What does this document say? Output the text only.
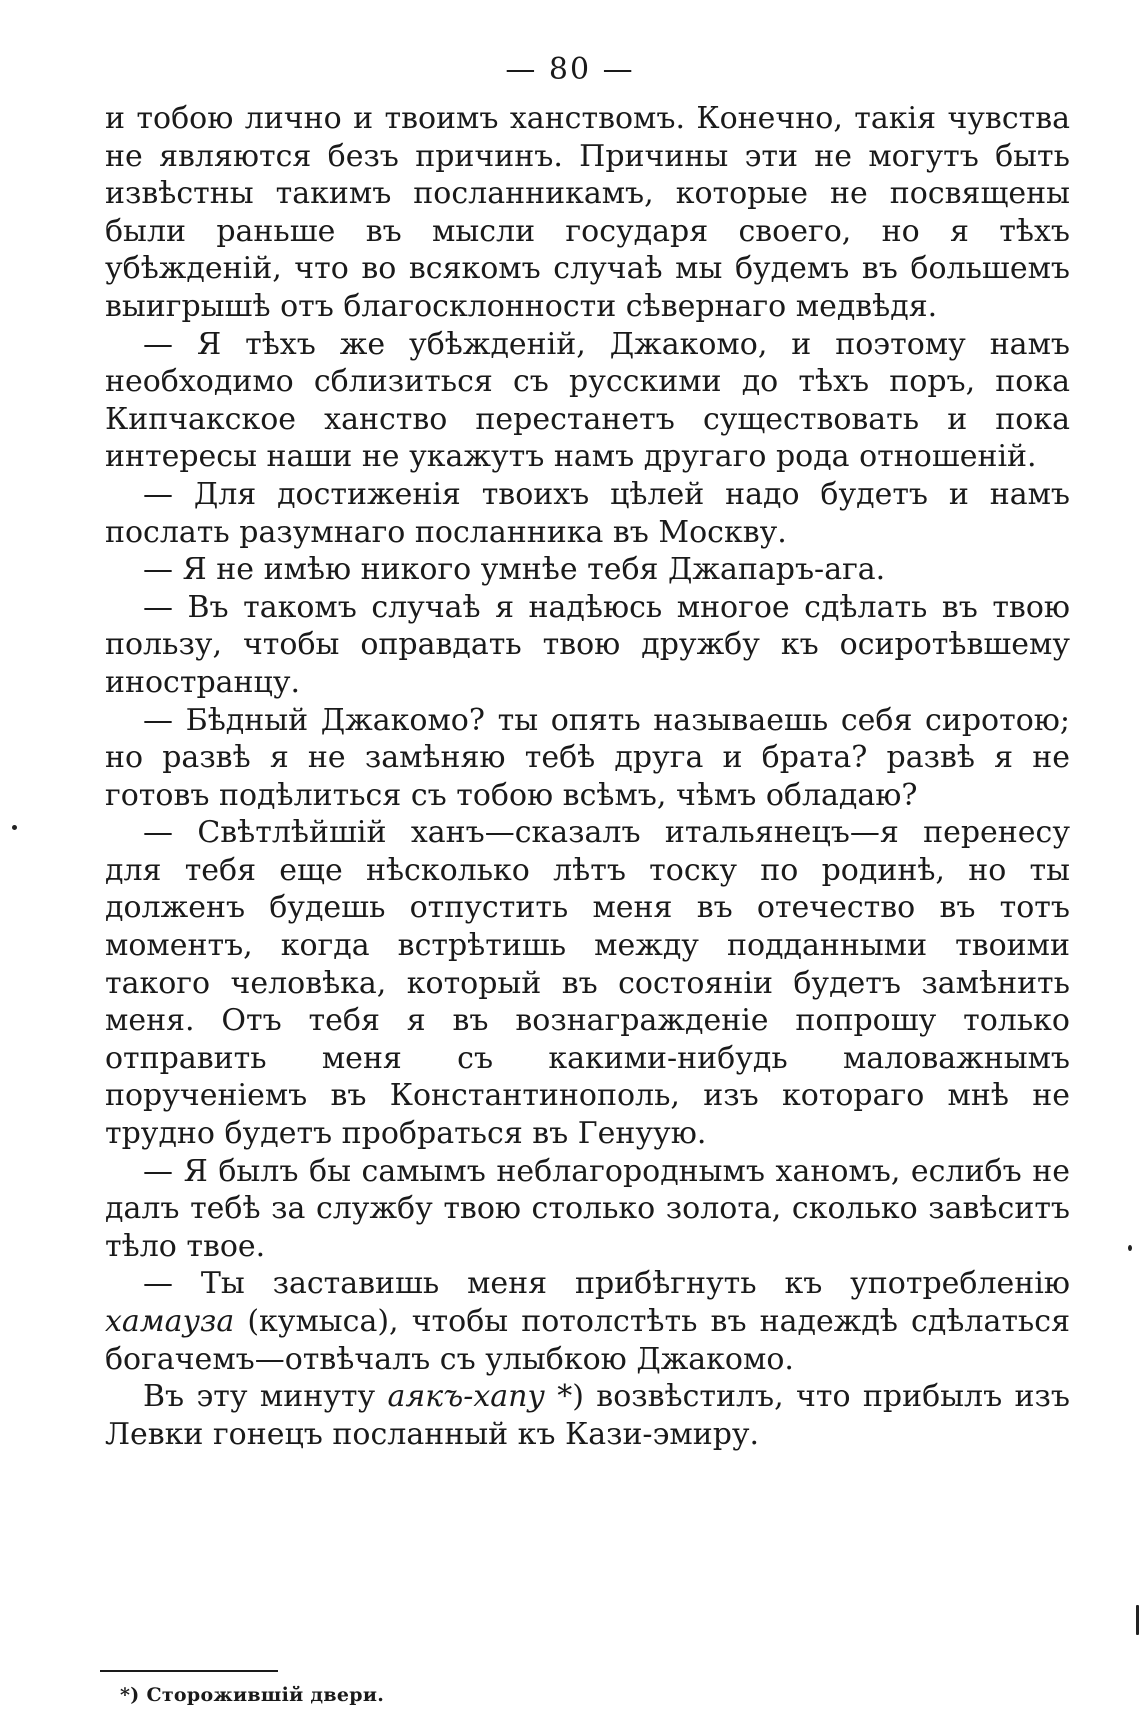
— 80 —

и тобою лично и твоимъ ханствомъ. Конечно, такія чувства не являются безъ причинъ. Причины эти не могутъ быть извѣстны такимъ посланникамъ, которые не посвящены были раньше въ мысли государя своего, но я тѣхъ убѣжденій, что во всякомъ случаѣ мы будемъ въ большемъ выигрышѣ отъ благосклонности сѣвернаго медвѣдя.

— Я тѣхъ же убѣжденій, Джакомо, и поэтому намъ необходимо сблизиться съ русскими до тѣхъ поръ, пока Кипчакское ханство перестанетъ существовать и пока интересы наши не укажутъ намъ другагo рода отношеній.

— Для достиженія твоихъ цѣлей надо будетъ и намъ послать разумнаго посланника въ Москву.

— Я не имѣю никого умнѣе тебя Джапаръ-ага.

— Въ такомъ случаѣ я надѣюсь многое сдѣлать въ твою пользу, чтобы оправдать твою дружбу къ осиротѣвшему иностранцу.

— Бѣдный Джакомо? ты опять называешь себя сиротою; но развѣ я не замѣняю тебѣ друга и брата? развѣ я не готовъ подѣлиться съ тобою всѣмъ, чѣмъ обладаю?

— Свѣтлѣйшій ханъ—сказалъ итальянецъ—я перенесу для тебя еще нѣсколько лѣтъ тоску по родинѣ, но ты долженъ будешь отпустить меня въ отечество въ тотъ моментъ, когда встрѣтишь между подданными твоими такого человѣка, который въ состояніи будетъ замѣнить меня. Отъ тебя я въ вознагражденіе попрошу только отправить меня съ какими-нибудь маловажнымъ порученіемъ въ Константинополь, изъ котораго мнѣ не трудно будетъ пробраться въ Генуую.

— Я былъ бы самымъ неблагороднымъ ханомъ, еслибъ не далъ тебѣ за службу твою столько золота, сколько завѣситъ тѣло твое.

— Ты заставишь меня прибѣгнуть къ употребленію хамауза (кумыса), чтобы потолстѣть въ надеждѣ сдѣлаться богачемъ—отвѣчалъ съ улыбкою Джакомо.

Въ эту минуту аякъ-хапу *) возвѣстилъ, что прибылъ изъ Левки гонецъ посланный къ Кази-эмиру.

*) Сторожившій двери.
